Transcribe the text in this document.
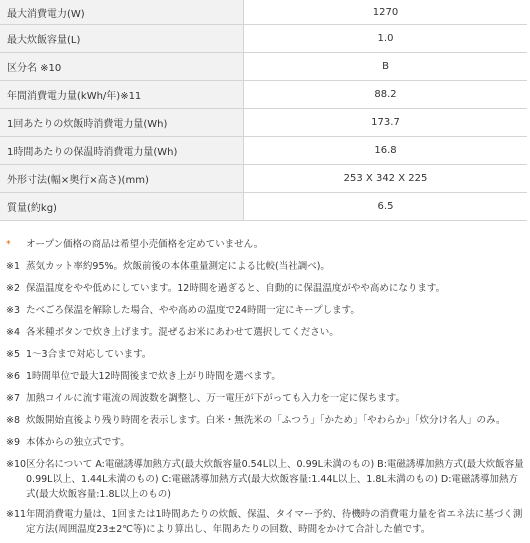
最大消費電力(W)	1270
最大炊飯容量(L)	1.0
区分名 ※10	B
年間消費電力量(kWh/年)※11	88.2
1回あたりの炊飯時消費電力量(Wh)	173.7
1時間あたりの保温時消費電力量(Wh)	16.8
外形寸法(幅×奥行×高さ)(mm)	253 X 342 X 225
質量(約kg)	6.5
*	オープン価格の商品は希望小売価格を定めていません。
※1 蒸気カット率約95%。炊飯前後の本体重量測定による比較(当社調べ)。
※2 保温温度をやや低めにしています。12時間を過ぎると、自動的に保温温度がやや高めになります。
※3 たべごろ保温を解除した場合、やや高めの温度で24時間一定にキープします。
※4 各米種ボタンで炊き上げます。混ぜるお米にあわせて選択してください。
※5 1～3合まで対応しています。
※6 1時間単位で最大12時間後まで炊き上がり時間を選べます。
※7 加熱コイルに流す電流の周波数を調整し、万一電圧が下がっても入力を一定に保ちます。
※8 炊飯開始直後より残り時間を表示します。白米・無洗米の「ふつう」「かため」「やわらか」「炊分け名人」のみ。
※9 本体からの独立式です。
※10 区分名について A:電磁誘導加熱方式(最大炊飯容量0.54L以上、0.99L未満のもの) B:電磁誘導加熱方式(最大炊飯容量0.99L以上、1.44L未満のもの) C:電磁誘導加熱方式(最大炊飯容量:1.44L以上、1.8L未満のもの) D:電磁誘導加熱方式(最大炊飯容量:1.8L以上のもの)
※11 年間消費電力量は、1回または1時間あたりの炊飯、保温、タイマー予約、待機時の消費電力量を省エネ法に基づく測定方法(周囲温度23±2℃等)により算出し、年間あたりの回数、時間をかけて合計した値です。
